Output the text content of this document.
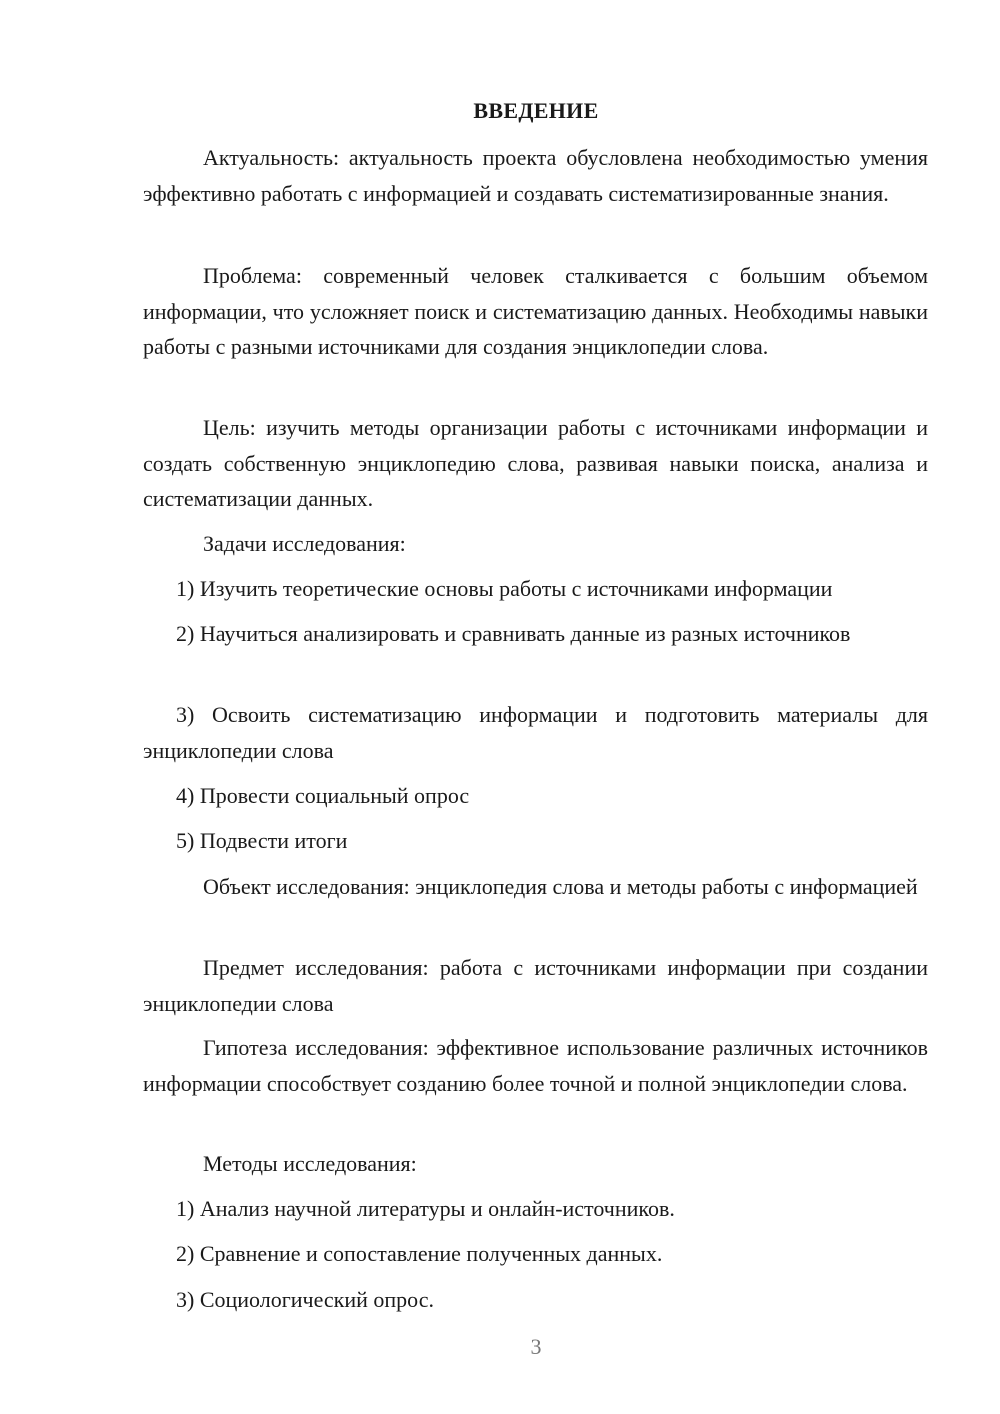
ВВЕДЕНИЕ

Актуальность: актуальность проекта обусловлена необходимостью умения эффективно работать с информацией и создавать систематизированные знания.

Проблема: современный человек сталкивается с большим объемом информации, что усложняет поиск и систематизацию данных. Необходимы навыки работы с разными источниками для создания энциклопедии слова.

Цель: изучить методы организации работы с источниками информации и создать собственную энциклопедию слова, развивая навыки поиска, анализа и систематизации данных.

Задачи исследования:

1) Изучить теоретические основы работы с источниками информации

2) Научиться анализировать и сравнивать данные из разных источников

3) Освоить систематизацию информации и подготовить материалы для энциклопедии слова

4) Провести социальный опрос

5) Подвести итоги

Объект исследования: энциклопедия слова и методы работы с информацией

Предмет исследования: работа с источниками информации при создании энциклопедии слова

Гипотеза исследования: эффективное использование различных источников информации способствует созданию более точной и полной энциклопедии слова.

Методы исследования:

1) Анализ научной литературы и онлайн-источников.

2) Сравнение и сопоставление полученных данных.

3) Социологический опрос.

3
